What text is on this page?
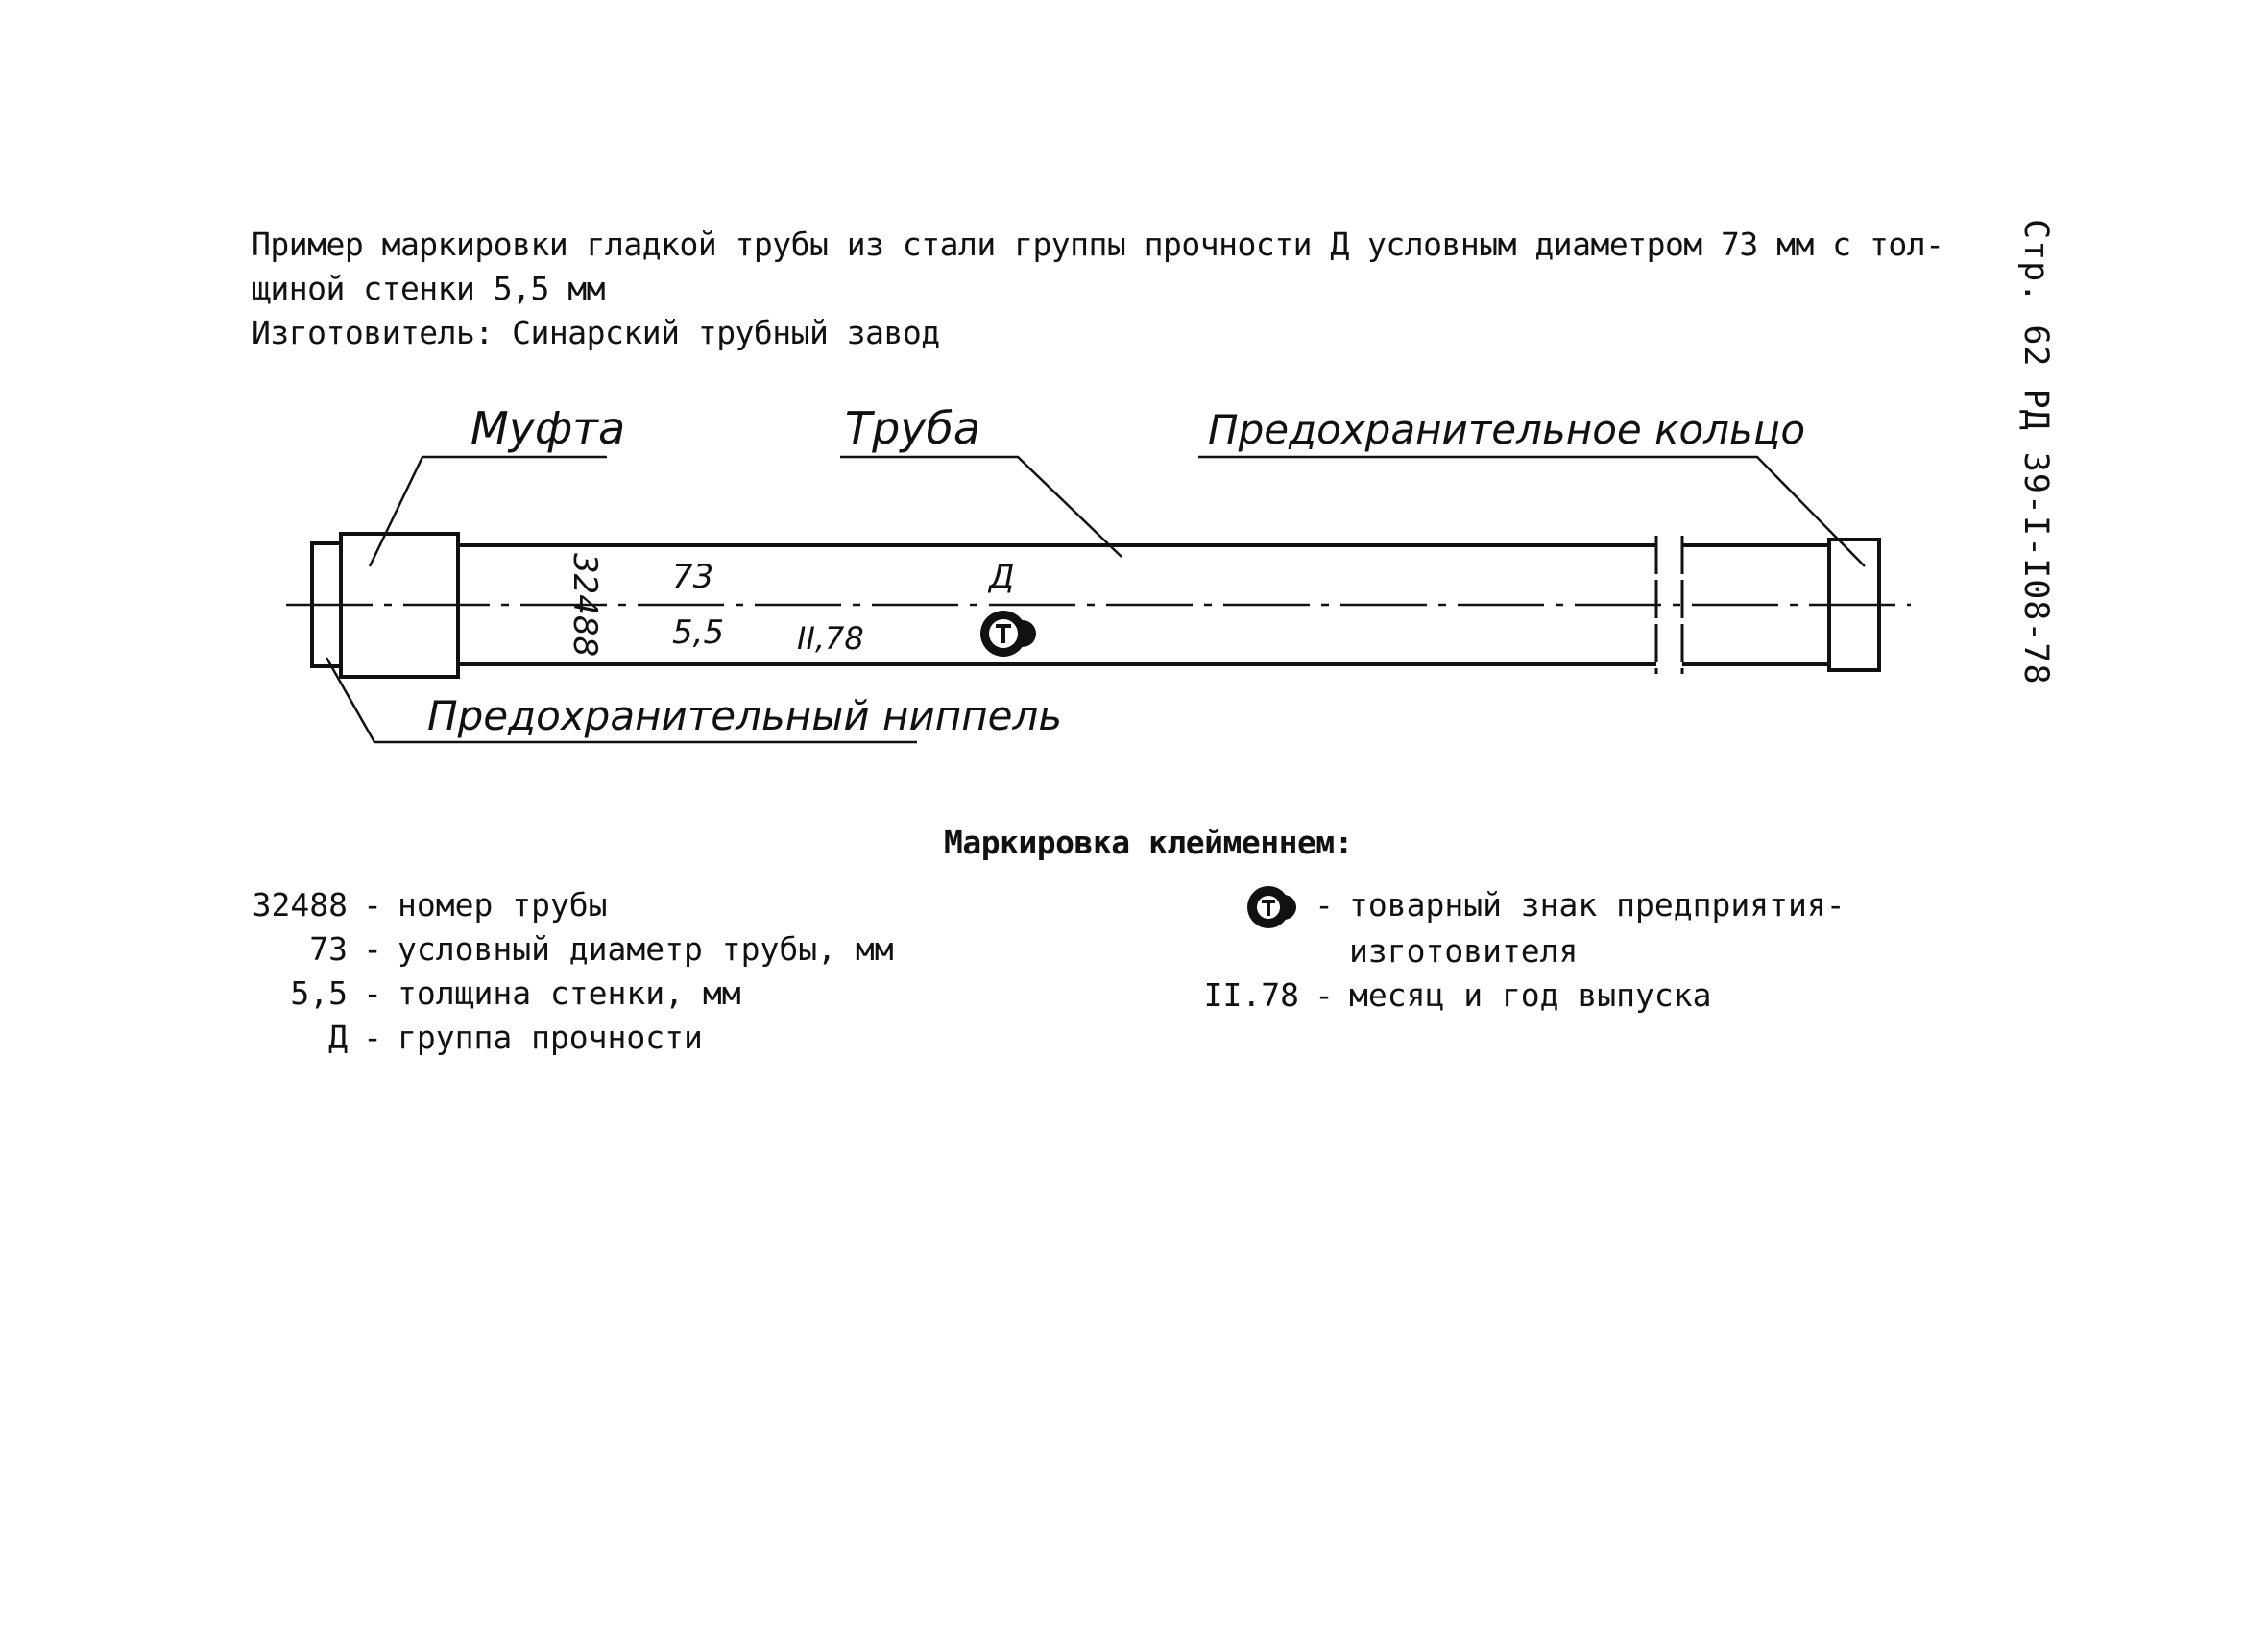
Пример маркировки гладкой трубы из стали группы прочности Д условным диаметром 73 мм с тол-
щиной стенки 5,5 мм
Изготовитель: Синарский трубный завод	Стр. 62 РД 39-I-I08-78
Муфта	Труба	Предохранительное кольцо
Предохранительный ниппель
32488 73
5,5 II,78
Д
Маркировка клейменнем:
32488 - номер трубы
73 - условный диаметр трубы, мм
5,5 - толщина стенки, мм
Д - группа прочности
- товарный знак предприятия-
изготовителя
II.78 - месяц и год выпуска
